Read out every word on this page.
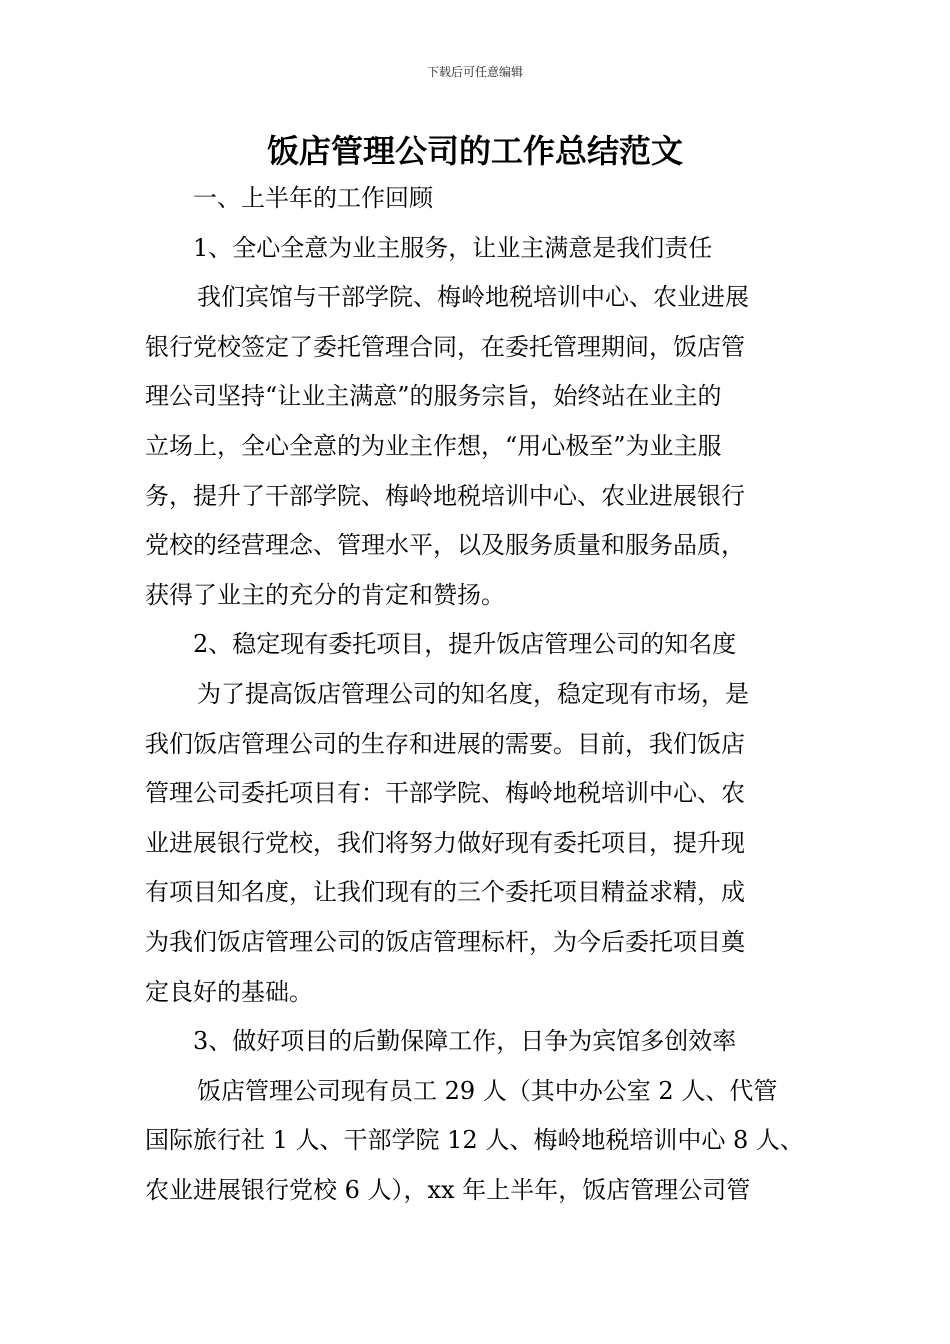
下载后可任意编辑
饭店管理公司的工作总结范文
一、上半年的工作回顾
1、全心全意为业主服务，让业主满意是我们责任
我们宾馆与干部学院、梅岭地税培训中心、农业进展
银行党校签定了委托管理合同，在委托管理期间，饭店管
理公司坚持“让业主满意”的服务宗旨，始终站在业主的
立场上，全心全意的为业主作想，“用心极至”为业主服
务，提升了干部学院、梅岭地税培训中心、农业进展银行
党校的经营理念、管理水平，以及服务质量和服务品质，
获得了业主的充分的肯定和赞扬。
2、稳定现有委托项目，提升饭店管理公司的知名度
为了提高饭店管理公司的知名度，稳定现有市场，是
我们饭店管理公司的生存和进展的需要。目前，我们饭店
管理公司委托项目有：干部学院、梅岭地税培训中心、农
业进展银行党校，我们将努力做好现有委托项目，提升现
有项目知名度，让我们现有的三个委托项目精益求精，成
为我们饭店管理公司的饭店管理标杆，为今后委托项目奠
定良好的基础。
3、做好项目的后勤保障工作，日争为宾馆多创效率
饭店管理公司现有员工 29 人（其中办公室 2 人、代管
国际旅行社 1 人、干部学院 12 人、梅岭地税培训中心 8 人、
农业进展银行党校 6 人），xx 年上半年，饭店管理公司管
